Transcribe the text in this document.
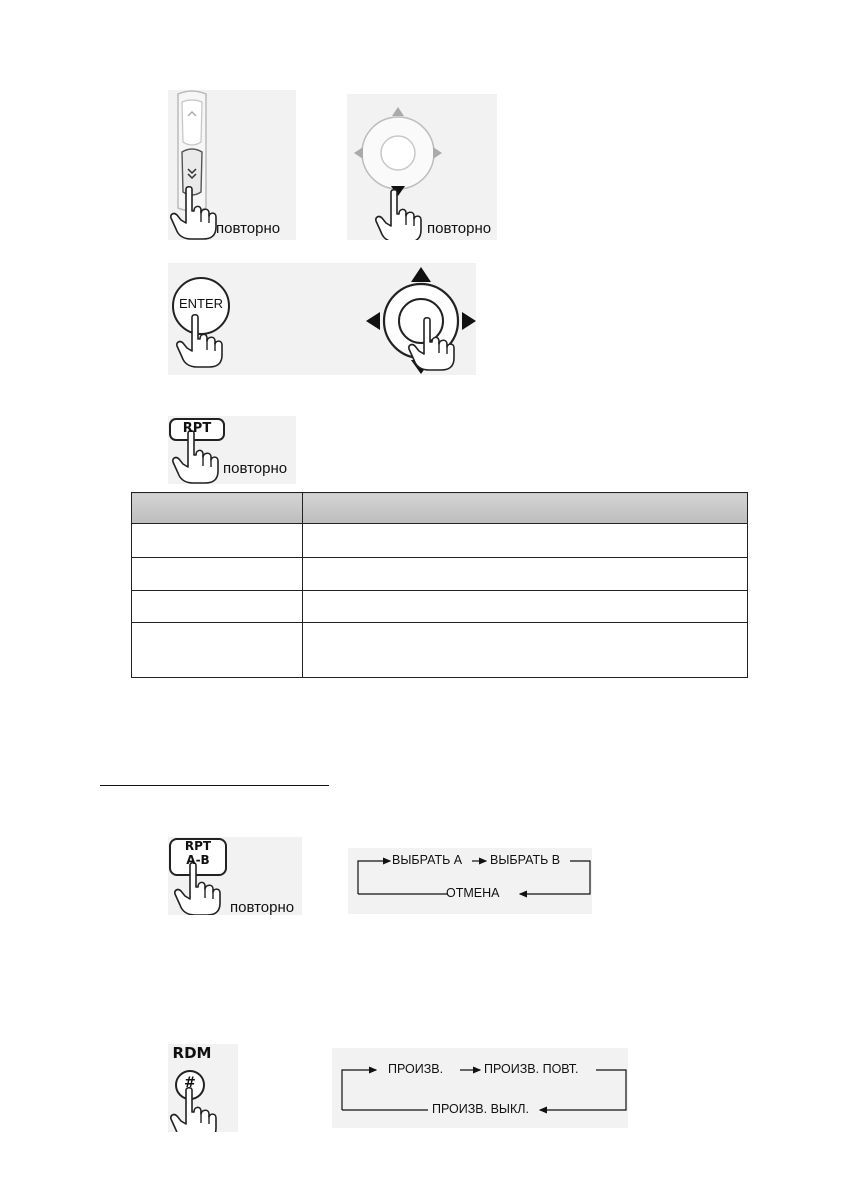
повторно	повторно
ENTER
RPT
повторно

RPT
A-B
повторно
ВЫБРАТЬ А ВЫБРАТЬ В
ОТМЕНА
RDM
#
ПРОИЗВ.	ПРОИЗВ. ПОВТ.
ПРОИЗВ. ВЫКЛ.
